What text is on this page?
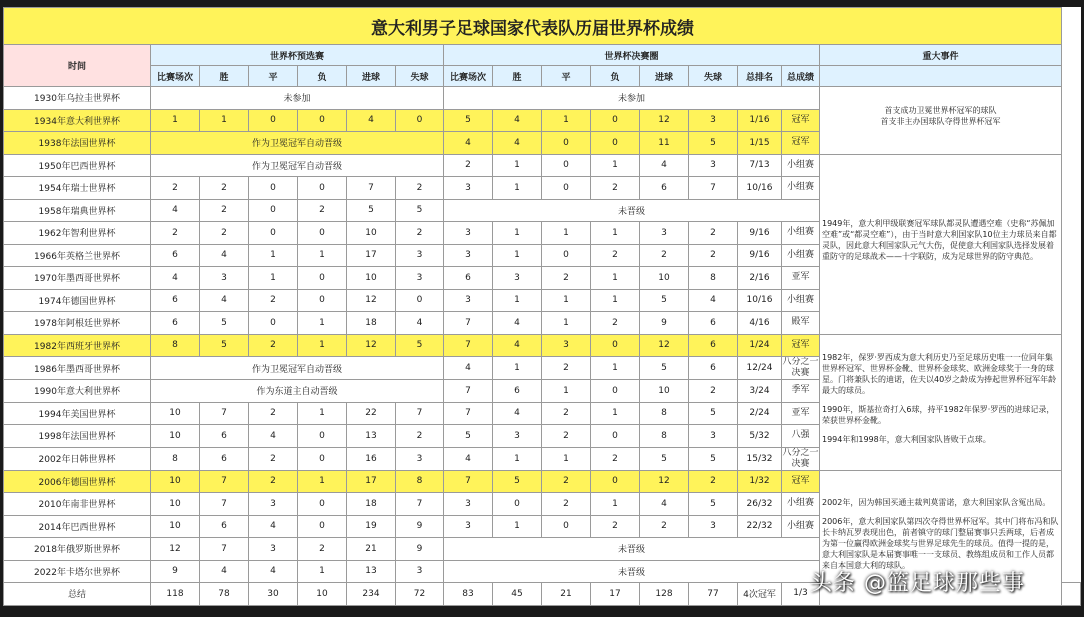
意大利男子足球国家代表队历届世界杯成绩																
时间	世界杯预选赛						世界杯决赛圈								重大事件	
	比赛场次	胜	平	负	进球	失球	比赛场次	胜	平	负	进球	失球	总排名	总成绩		
1930年乌拉圭世界杯	未参加						未参加								首支成功卫冕世界杯冠军的球队
首支非主办国球队夺得世界杯冠军	

1934年意大利世界杯	1	1	0	0	4	0	5	4	1	0	12	3	1/16	冠军		
1938年法国世界杯	作为卫冕冠军自动晋级						4	4	0	0	11	5	1/15	冠军		
1950年巴西世界杯	作为卫冕冠军自动晋级						2	1	0	1	4	3	7/13	小组赛	1949年，意大利甲级联赛冠军球队都灵队遭遇空难（史称“苏佩加空难”或“都灵空难”），由于当时意大利国家队10位主力球员来自都灵队，因此意大利国家队元气大伤，促使意大利国家队选择发展着重防守的足球战术——十字联防，成为足球世界的防守典范。	

1954年瑞士世界杯	2	2	0	0	7	2	3	1	0	2	6	7	10/16	小组赛		
1958年瑞典世界杯	4	2	0	2	5	5	未晋级									
1962年智利世界杯	2	2	0	0	10	2	3	1	1	1	3	2	9/16	小组赛		
1966年英格兰世界杯	6	4	1	1	17	3	3	1	0	2	2	2	9/16	小组赛		
1970年墨西哥世界杯	4	3	1	0	10	3	6	3	2	1	10	8	2/16	亚军		
1974年德国世界杯	6	4	2	0	12	0	3	1	1	1	5	4	10/16	小组赛		
1978年阿根廷世界杯	6	5	0	1	18	4	7	4	1	2	9	6	4/16	殿军		
1982年西班牙世界杯	8	5	2	1	12	5	7	4	3	0	12	6	1/24	冠军	1982年，保罗·罗西成为意大利历史乃至足球历史唯一一位同年集世界杯冠军、世界杯金靴、世界杯金球奖、欧洲金球奖于一身的球星。门将兼队长的迪诺，佐夫以40岁之龄成为捧起世界杯冠军年龄最大的球员。

1990年，斯基拉奇打入6球，持平1982年保罗·罗西的进球记录，荣获世界杯金靴。

1994年和1998年，意大利国家队皆败于点球。	

1986年墨西哥世界杯	作为卫冕冠军自动晋级						4	1	2	1	5	6	12/24	八分之一决赛		
1990年意大利世界杯	作为东道主自动晋级						7	6	1	0	10	2	3/24	季军		
1994年美国世界杯	10	7	2	1	22	7	7	4	2	1	8	5	2/24	亚军		
1998年法国世界杯	10	6	4	0	13	2	5	3	2	0	8	3	5/32	八强		
2002年日韩世界杯	8	6	2	0	16	3	4	1	1	2	5	5	15/32	八分之一决赛		
2006年德国世界杯	10	7	2	1	17	8	7	5	2	0	12	2	1/32	冠军	2002年，因为韩国买通主裁判莫雷诺，意大利国家队含冤出局。

2006年，意大利国家队第四次夺得世界杯冠军。其中门将布冯和队长卡纳瓦罗表现出色，前者镇守的球门整届赛事只丢两球，后者成为第一位赢得欧洲金球奖与世界足球先生的球员。值得一提的是，意大利国家队是本届赛事唯一一支球员、教练组成员和工作人员都来自本国意大利的球队。	

2010年南非世界杯	10	7	3	0	18	7	3	0	2	1	4	5	26/32	小组赛		
2014年巴西世界杯	10	6	4	0	19	9	3	1	0	2	2	3	22/32	小组赛		
2018年俄罗斯世界杯	12	7	3	2	21	9	未晋级									
2022年卡塔尔世界杯	9	4	4	1	13	3	未晋级									
总结	118	78	30	10	234	72	83	45	21	17	128	77	4次冠军	1/3		头条 @篮足球那些事
